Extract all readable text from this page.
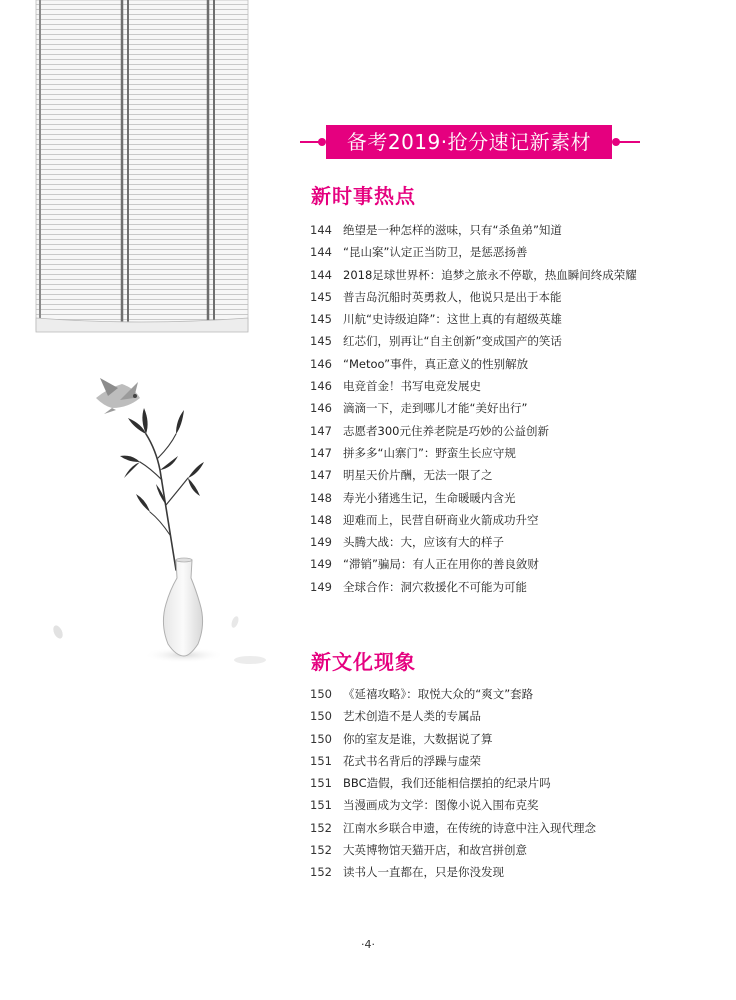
备考2019·抢分速记新素材
新时事热点
144 绝望是一种怎样的滋味，只有“杀鱼弟”知道
144 “昆山案”认定正当防卫，是惩恶扬善
144 2018足球世界杯：追梦之旅永不停歇，热血瞬间终成荣耀
145 普吉岛沉船时英勇救人，他说只是出于本能
145 川航“史诗级迫降”：这世上真的有超级英雄
145 红芯们，别再让“自主创新”变成国产的笑话
146 “Metoo”事件，真正意义的性别解放
146 电竞首金！书写电竞发展史
146 滴滴一下，走到哪儿才能“美好出行”
147 志愿者300元住养老院是巧妙的公益创新
147 拼多多“山寨门”：野蛮生长应守规
147 明星天价片酬，无法一限了之
148 寿光小猪逃生记，生命暖暖内含光
148 迎难而上，民营自研商业火箭成功升空
149 头腾大战：大，应该有大的样子
149 “滞销”骗局：有人正在用你的善良敛财
149 全球合作：洞穴救援化不可能为可能
新文化现象
150 《延禧攻略》：取悦大众的“爽文”套路
150 艺术创造不是人类的专属品
150 你的室友是谁，大数据说了算
151 花式书名背后的浮躁与虚荣
151 BBC造假，我们还能相信摆拍的纪录片吗
151 当漫画成为文学：图像小说入围布克奖
152 江南水乡联合申遗，在传统的诗意中注入现代理念
152 大英博物馆天猫开店，和故宫拼创意
152 读书人一直都在，只是你没发现
·4·
